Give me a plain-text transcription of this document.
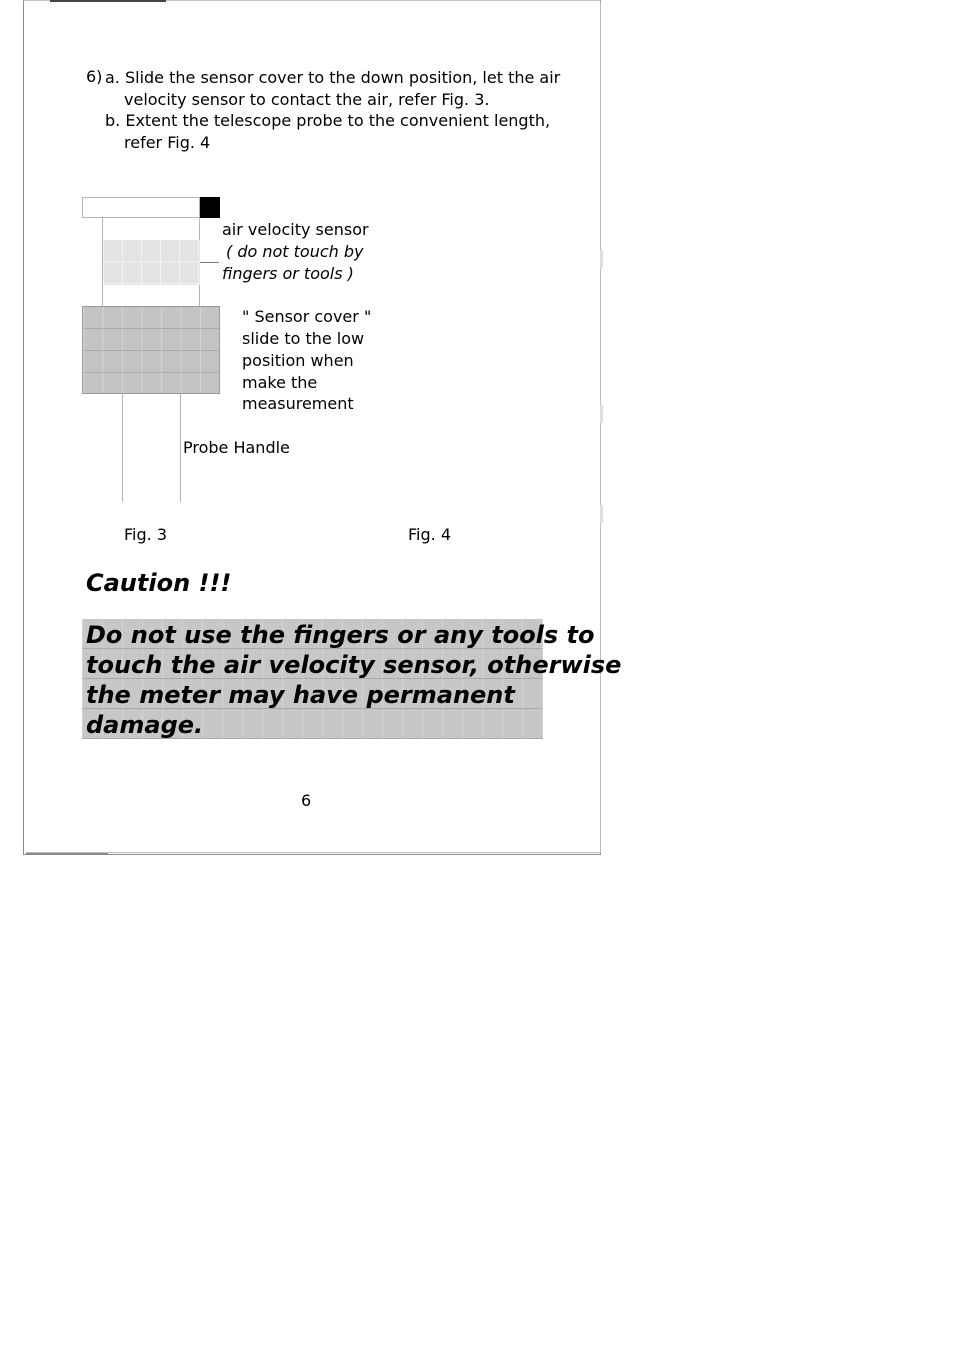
6) a. Slide the sensor cover to the down position, let the air
velocity sensor to contact the air, refer Fig. 3.
b. Extent the telescope probe to the convenient length,
refer Fig. 4
air velocity sensor
( do not touch by
fingers or tools )
" Sensor cover "
slide to the low
position when
make the
measurement
Probe Handle
Fig. 3	Fig. 4
Caution !!!
Do not use the fingers or any tools to
touch the air velocity sensor, otherwise
the meter may have permanent
damage.
6
